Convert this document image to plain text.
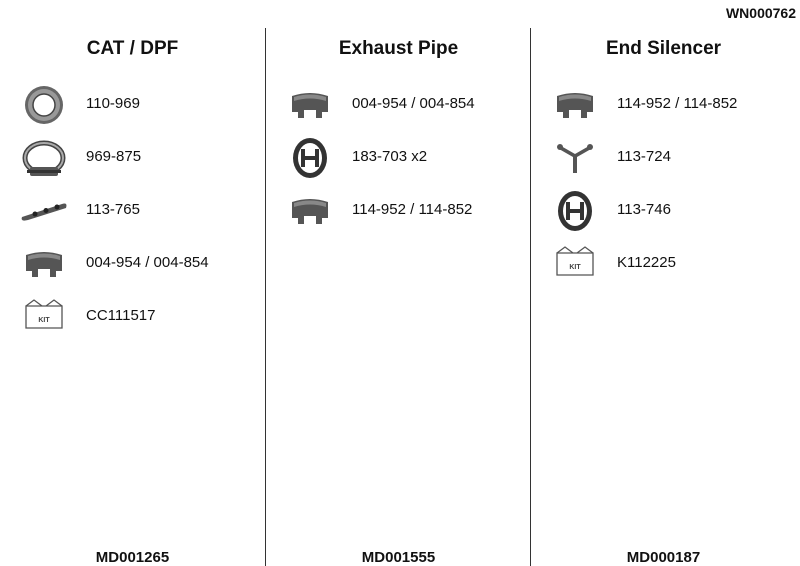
WN000762
CAT / DPF
110-969
969-875
113-765
004-954 / 004-854
KIT CC111517
MD001265
Exhaust Pipe
004-954 / 004-854
183-703 x2
114-952 / 114-852
MD001555
End Silencer
114-952 / 114-852
113-724
113-746
KIT K112225
MD000187
